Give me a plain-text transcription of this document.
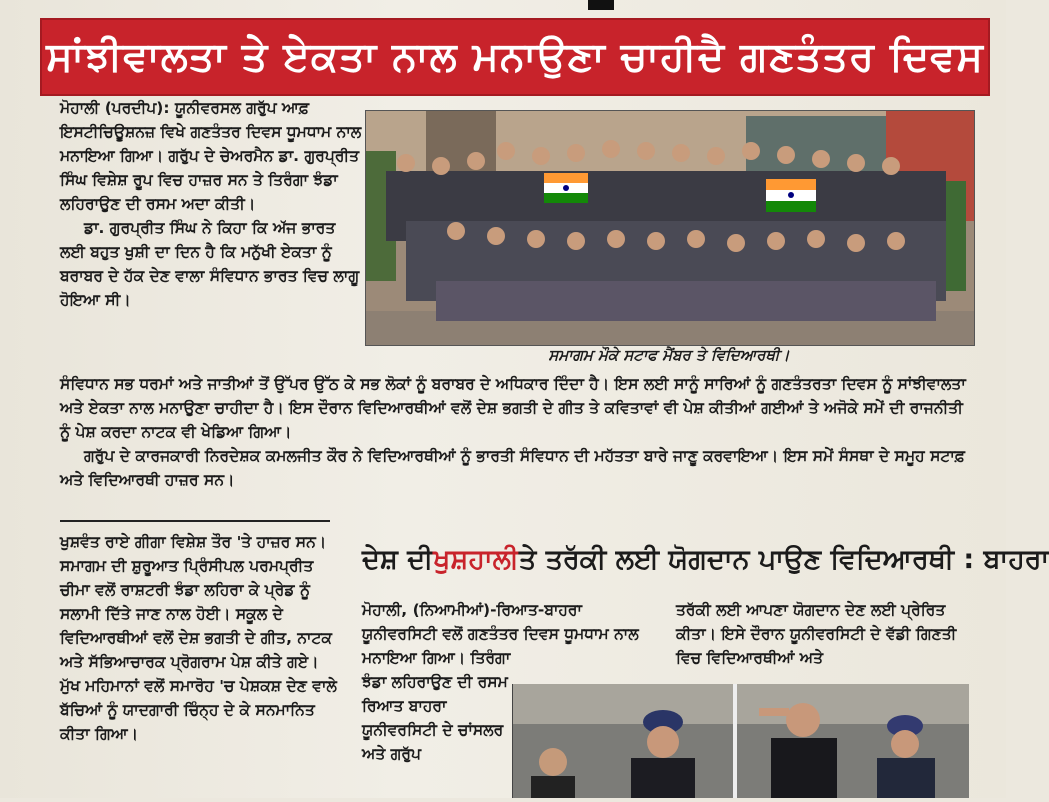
ਸਾਂਝੀਵਾਲਤਾ ਤੇ ਏਕਤਾ ਨਾਲ ਮਨਾਉਣਾ ਚਾਹੀਦੈ ਗਣਤੰਤਰ ਦਿਵਸ

ਮੋਹਾਲੀ (ਪਰਦੀਪ): ਯੂਨੀਵਰਸਲ ਗਰੁੱਪ ਆਫ਼ ਇਸਟੀਚਿਊਸ਼ਨਜ਼ ਵਿਖੇ ਗਣਤੰਤਰ ਦਿਵਸ ਧੂਮਧਾਮ ਨਾਲ ਮਨਾਇਆ ਗਿਆ। ਗਰੁੱਪ ਦੇ ਚੇਅਰਮੈਨ ਡਾ. ਗੁਰਪ੍ਰੀਤ ਸਿੰਘ ਵਿਸ਼ੇਸ਼ ਰੂਪ ਵਿਚ ਹਾਜ਼ਰ ਸਨ ਤੇ ਤਿਰੰਗਾ ਝੰਡਾ ਲਹਿਰਾਉਣ ਦੀ ਰਸਮ ਅਦਾ ਕੀਤੀ।

ਡਾ. ਗੁਰਪ੍ਰੀਤ ਸਿੰਘ ਨੇ ਕਿਹਾ ਕਿ ਅੱਜ ਭਾਰਤ ਲਈ ਬਹੁਤ ਖੁਸ਼ੀ ਦਾ ਦਿਨ ਹੈ ਕਿ ਮਨੁੱਖੀ ਏਕਤਾ ਨੂੰ ਬਰਾਬਰ ਦੇ ਹੱਕ ਦੇਣ ਵਾਲਾ ਸੰਵਿਧਾਨ ਭਾਰਤ ਵਿਚ ਲਾਗੂ ਹੋਇਆ ਸੀ।

ਸਮਾਗਮ ਮੌਕੇ ਸਟਾਫ ਮੈਂਬਰ ਤੇ ਵਿਦਿਆਰਥੀ।

ਸੰਵਿਧਾਨ ਸਭ ਧਰਮਾਂ ਅਤੇ ਜਾਤੀਆਂ ਤੋਂ ਉੱਪਰ ਉੱਠ ਕੇ ਸਭ ਲੋਕਾਂ ਨੂੰ ਬਰਾਬਰ ਦੇ ਅਧਿਕਾਰ ਦਿੰਦਾ ਹੈ। ਇਸ ਲਈ ਸਾਨੂੰ ਸਾਰਿਆਂ ਨੂੰ ਗਣਤੰਤਰਤਾ ਦਿਵਸ ਨੂੰ ਸਾਂਝੀਵਾਲਤਾ ਅਤੇ ਏਕਤਾ ਨਾਲ ਮਨਾਉਣਾ ਚਾਹੀਦਾ ਹੈ। ਇਸ ਦੌਰਾਨ ਵਿਦਿਆਰਥੀਆਂ ਵਲੋਂ ਦੇਸ਼ ਭਗਤੀ ਦੇ ਗੀਤ ਤੇ ਕਵਿਤਾਵਾਂ ਵੀ ਪੇਸ਼ ਕੀਤੀਆਂ ਗਈਆਂ ਤੇ ਅਜੋਕੇ ਸਮੇਂ ਦੀ ਰਾਜਨੀਤੀ ਨੂੰ ਪੇਸ਼ ਕਰਦਾ ਨਾਟਕ ਵੀ ਖੇਡਿਆ ਗਿਆ।

ਗਰੁੱਪ ਦੇ ਕਾਰਜਕਾਰੀ ਨਿਰਦੇਸ਼ਕ ਕਮਲਜੀਤ ਕੌਰ ਨੇ ਵਿਦਿਆਰਥੀਆਂ ਨੂੰ ਭਾਰਤੀ ਸੰਵਿਧਾਨ ਦੀ ਮਹੱਤਤਾ ਬਾਰੇ ਜਾਣੂ ਕਰਵਾਇਆ। ਇਸ ਸਮੇਂ ਸੰਸਥਾ ਦੇ ਸਮੂਹ ਸਟਾਫ਼ ਅਤੇ ਵਿਦਿਆਰਥੀ ਹਾਜ਼ਰ ਸਨ।

ਖੁਸ਼ਵੰਤ ਰਾਏ ਗੀਗਾ ਵਿਸ਼ੇਸ਼ ਤੌਰ 'ਤੇ ਹਾਜ਼ਰ ਸਨ। ਸਮਾਗਮ ਦੀ ਸ਼ੁਰੂਆਤ ਪ੍ਰਿੰਸੀਪਲ ਪਰਮਪ੍ਰੀਤ ਚੀਮਾ ਵਲੋਂ ਰਾਸ਼ਟਰੀ ਝੰਡਾ ਲਹਿਰਾ ਕੇ ਪ੍ਰੇਡ ਨੂੰ ਸਲਾਮੀ ਦਿੱਤੇ ਜਾਣ ਨਾਲ ਹੋਈ। ਸਕੂਲ ਦੇ ਵਿਦਿਆਰਥੀਆਂ ਵਲੋਂ ਦੇਸ਼ ਭਗਤੀ ਦੇ ਗੀਤ, ਨਾਟਕ ਅਤੇ ਸੱਭਿਆਚਾਰਕ ਪ੍ਰੋਗਰਾਮ ਪੇਸ਼ ਕੀਤੇ ਗਏ। ਮੁੱਖ ਮਹਿਮਾਨਾਂ ਵਲੋਂ ਸਮਾਰੋਹ 'ਚ ਪੇਸ਼ਕਸ਼ ਦੇਣ ਵਾਲੇ ਬੱਚਿਆਂ ਨੂੰ ਯਾਦਗਾਰੀ ਚਿੰਨ੍ਹ ਦੇ ਕੇ ਸਨਮਾਨਿਤ ਕੀਤਾ ਗਿਆ।

ਦੇਸ਼ ਦੀ ਖੁਸ਼ਹਾਲੀ ਤੇ ਤਰੱਕੀ ਲਈ ਯੋਗਦਾਨ ਪਾਉਣ ਵਿਦਿਆਰਥੀ : ਬਾਹਰਾ

ਮੋਹਾਲੀ, (ਨਿਆਮੀਆਂ)-ਰਿਆਤ-ਬਾਹਰਾ ਯੂਨੀਵਰਸਿਟੀ ਵਲੋਂ ਗਣਤੰਤਰ ਦਿਵਸ ਧੂਮਧਾਮ ਨਾਲ ਮਨਾਇਆ ਗਿਆ। ਤਿਰੰਗਾ

ਤਰੱਕੀ ਲਈ ਆਪਣਾ ਯੋਗਦਾਨ ਦੇਣ ਲਈ ਪ੍ਰੇਰਿਤ ਕੀਤਾ। ਇਸੇ ਦੌਰਾਨ ਯੂਨੀਵਰਸਿਟੀ ਦੇ ਵੱਡੀ ਗਿਣਤੀ ਵਿਚ ਵਿਦਿਆਰਥੀਆਂ ਅਤੇ

ਝੰਡਾ ਲਹਿਰਾਉਣ ਦੀ ਰਸਮ ਰਿਆਤ ਬਾਹਰਾ ਯੂਨੀਵਰਸਿਟੀ ਦੇ ਚਾਂਸਲਰ ਅਤੇ ਗਰੁੱਪ
